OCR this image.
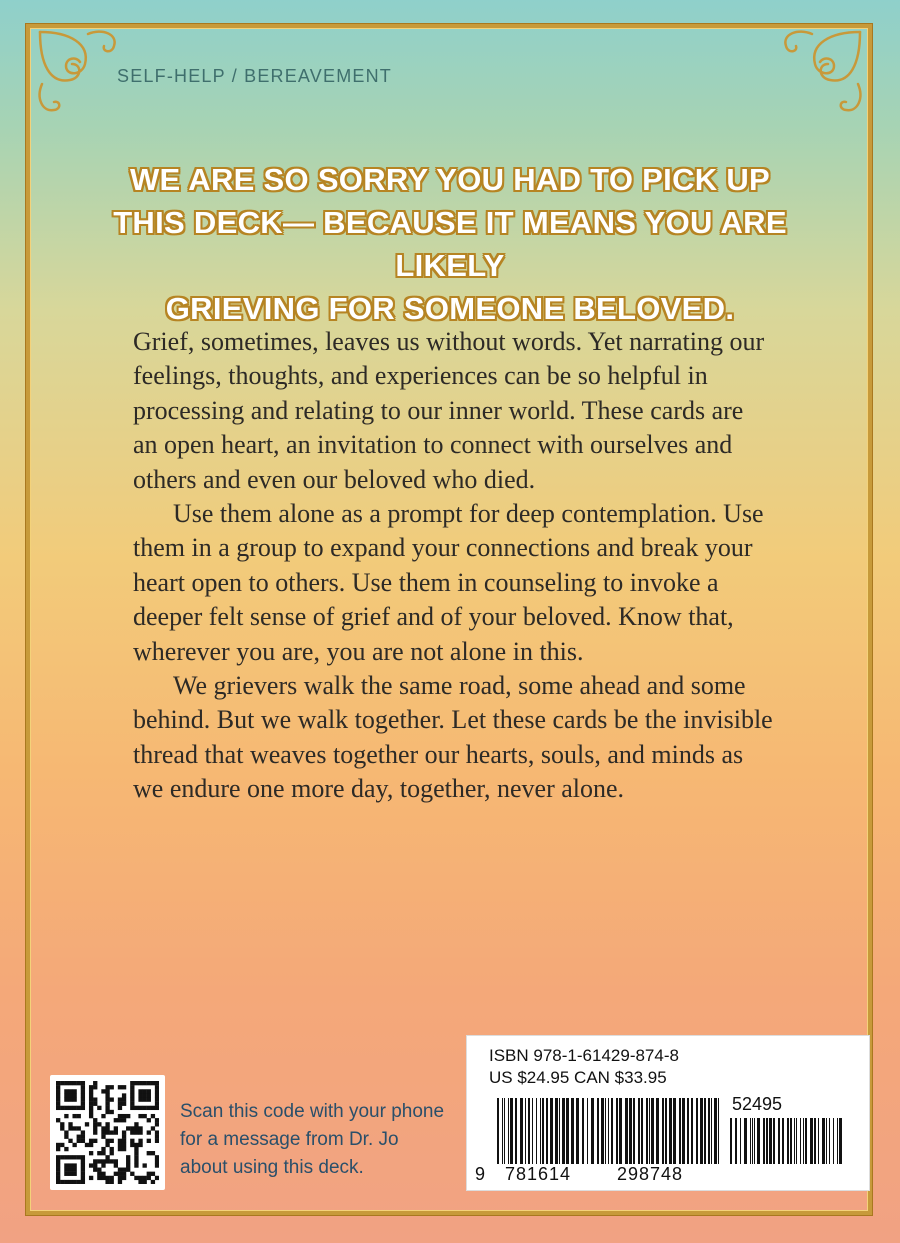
SELF-HELP / BEREAVEMENT
WE ARE SO SORRY YOU HAD TO PICK UP
THIS DECK— BECAUSE IT MEANS YOU ARE LIKELY
GRIEVING FOR SOMEONE BELOVED.

Grief, sometimes, leaves us without words. Yet narrating our feelings, thoughts, and experiences can be so helpful in processing and relating to our inner world. These cards are an open heart, an invitation to connect with ourselves and others and even our beloved who died.

Use them alone as a prompt for deep contemplation. Use them in a group to expand your connections and break your heart open to others. Use them in counseling to invoke a deeper felt sense of grief and of your beloved. Know that, wherever you are, you are not alone in this.

We grievers walk the same road, some ahead and some behind. But we walk together. Let these cards be the invisible thread that weaves together our hearts, souls, and minds as we endure one more day, together, never alone.

Scan this code with your phone for a message from Dr. Jo about using this deck.
ISBN 978-1-61429-874-8
US $24.95 CAN $33.95
52495
9 781614	298748
